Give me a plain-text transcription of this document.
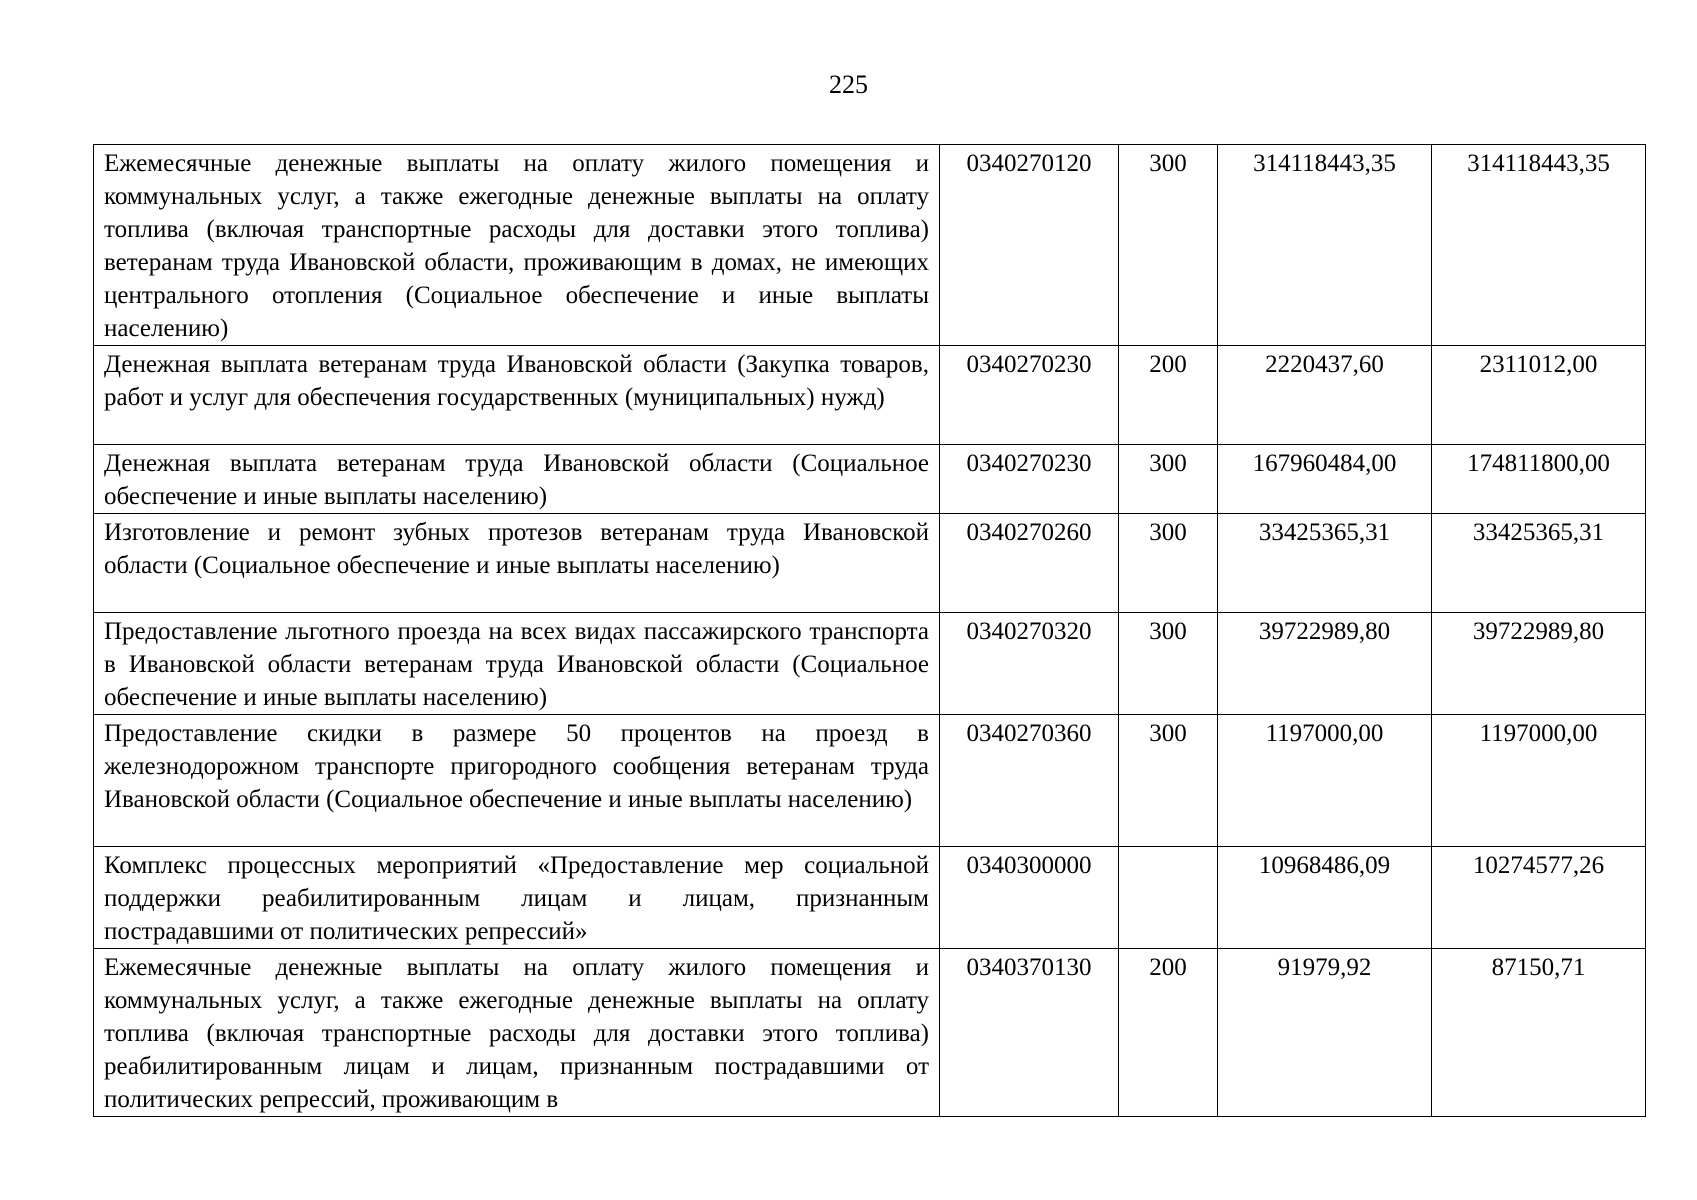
225
Ежемесячные денежные выплаты на оплату жилого помещения и коммунальных услуг, а также ежегодные денежные выплаты на оплату топлива (включая транспортные расходы для доставки этого топлива) ветеранам труда Ивановской области, проживающим в домах, не имеющих центрального отопления (Социальное обеспечение и иные выплаты населению)	0340270120	300	314118443,35	314118443,35
Денежная выплата ветеранам труда Ивановской области (Закупка товаров, работ и услуг для обеспечения государственных (муниципальных) нужд)	0340270230	200	2220437,60	2311012,00
Денежная выплата ветеранам труда Ивановской области (Социальное обеспечение и иные выплаты населению)	0340270230	300	167960484,00	174811800,00
Изготовление и ремонт зубных протезов ветеранам труда Ивановской области (Социальное обеспечение и иные выплаты населению)	0340270260	300	33425365,31	33425365,31
Предоставление льготного проезда на всех видах пассажирского транспорта в Ивановской области ветеранам труда Ивановской области (Социальное обеспечение и иные выплаты населению)	0340270320	300	39722989,80	39722989,80
Предоставление скидки в размере 50 процентов на проезд в железнодорожном транспорте пригородного сообщения ветеранам труда Ивановской области (Социальное обеспечение и иные выплаты населению)	0340270360	300	1197000,00	1197000,00
Комплекс процессных мероприятий «Предоставление мер социальной поддержки реабилитированным лицам и лицам, признанным пострадавшими от политических репрессий»	0340300000		10968486,09	10274577,26
Ежемесячные денежные выплаты на оплату жилого помещения и коммунальных услуг, а также ежегодные денежные выплаты на оплату топлива (включая транспортные расходы для доставки этого топлива) реабилитированным лицам и лицам, признанным пострадавшими от политических репрессий, проживающим в	0340370130	200	91979,92	87150,71
